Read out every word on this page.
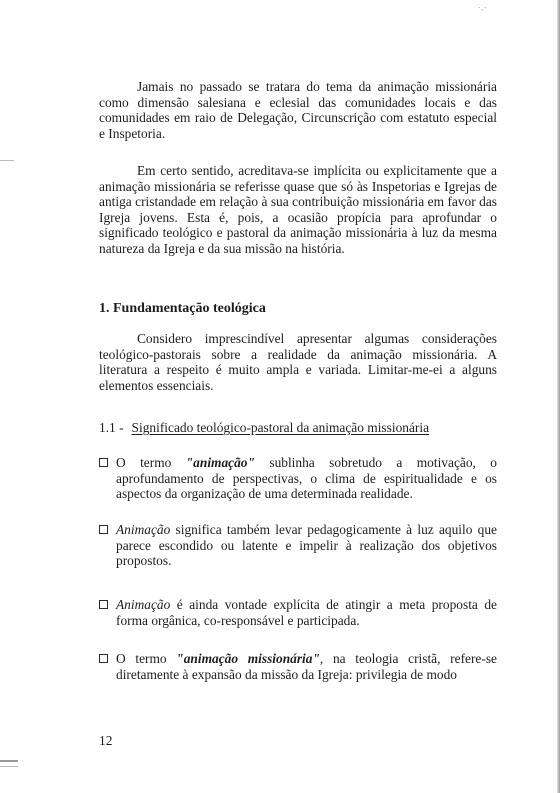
·,·

Jamais no passado se tratara do tema da animação missionária como dimensão salesiana e eclesial das comunidades locais e das comunidades em raio de Delegação, Circunscrição com estatuto especial e Inspetoria.

Em certo sentido, acreditava-se implícita ou explicitamente que a animação missionária se referisse quase que só às Inspetorias e Igrejas de antiga cristandade em relação à sua contribuição missionária em favor das Igreja jovens. Esta é, pois, a ocasião propícia para aprofundar o significado teológico e pastoral da animação missionária à luz da mesma natureza da Igreja e da sua missão na história.

1. Fundamentação teológica

Considero imprescindível apresentar algumas considerações teológico-pastorais sobre a realidade da animação missionária. A literatura a respeito é muito ampla e variada. Limitar-me-ei a alguns elementos essenciais.

1.1 - Significado teológico-pastoral da animação missionária

O termo "animação" sublinha sobretudo a motivação, o aprofundamento de perspectivas, o clima de espiritualidade e os aspectos da organização de uma determinada realidade.

Animação significa também levar pedagogicamente à luz aquilo que parece escondido ou latente e impelir à realização dos objetivos propostos.

Animação é ainda vontade explícita de atingir a meta proposta de forma orgânica, co-responsável e participada.

O termo "animação missionária", na teologia cristã, refere-se diretamente à expansão da missão da Igreja: privilegia de modo

12
